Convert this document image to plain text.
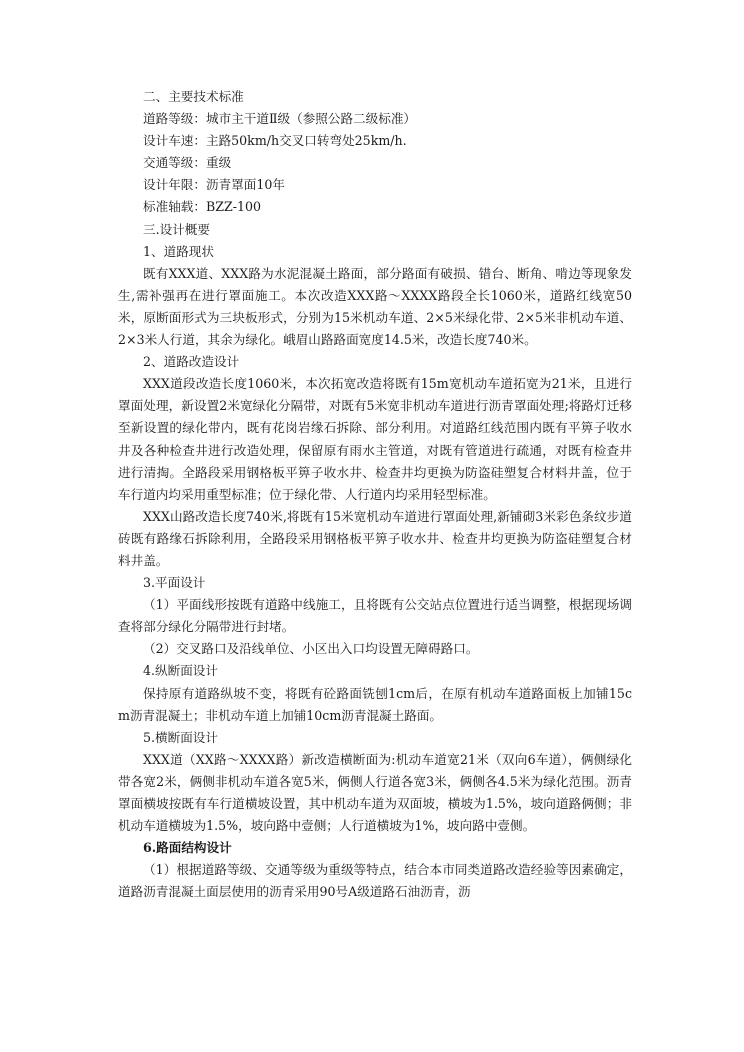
二、主要技术标准
道路等级：城市主干道Ⅱ级（参照公路二级标准）
设计车速：主路50km/h交叉口转弯处25km/h.
交通等级：重级
设计年限：沥青罩面10年
标准轴载：BZZ-100
三.设计概要
1、道路现状

既有XXX道、XXX路为水泥混凝土路面，部分路面有破损、错台、断角、啃边等现象发生,需补强再在进行罩面施工。本次改造XXX路～XXXX路段全长1060米，道路红线宽50米，原断面形式为三块板形式，分别为15米机动车道、2×5米绿化带、2×5米非机动车道、2×3米人行道，其余为绿化。峨眉山路路面宽度14.5米，改造长度740米。

2、道路改造设计

XXX道段改造长度1060米，本次拓宽改造将既有15m宽机动车道拓宽为21米，且进行罩面处理，新设置2米宽绿化分隔带，对既有5米宽非机动车道进行沥青罩面处理;将路灯迁移至新设置的绿化带内，既有花岗岩缘石拆除、部分利用。对道路红线范围内既有平箅子收水井及各种检查井进行改造处理，保留原有雨水主管道，对既有管道进行疏通，对既有检查井进行清掏。全路段采用钢格板平箅子收水井、检查井均更换为防盗硅塑复合材料井盖，位于车行道内均采用重型标准；位于绿化带、人行道内均采用轻型标准。

XXX山路改造长度740米,将既有15米宽机动车道进行罩面处理,新铺砌3米彩色条纹步道砖既有路缘石拆除利用，全路段采用钢格板平箅子收水井、检查井均更换为防盗硅塑复合材料井盖。

3.平面设计

（1）平面线形按既有道路中线施工，且将既有公交站点位置进行适当调整，根据现场调查将部分绿化分隔带进行封堵。

（2）交叉路口及沿线单位、小区出入口均设置无障碍路口。

4.纵断面设计

保持原有道路纵坡不变，将既有砼路面铣刨1cm后，在原有机动车道路面板上加铺15cm沥青混凝土；非机动车道上加铺10cm沥青混凝土路面。

5.横断面设计

XXX道（XX路～XXXX路）新改造横断面为:机动车道宽21米（双向6车道），俩侧绿化带各宽2米，俩侧非机动车道各宽5米，俩侧人行道各宽3米，俩侧各4.5米为绿化范围。沥青罩面横坡按既有车行道横坡设置，其中机动车道为双面坡，横坡为1.5%，坡向道路俩侧；非机动车道横坡为1.5%，坡向路中壹侧；人行道横坡为1%，坡向路中壹侧。

6.路面结构设计

（1）根据道路等级、交通等级为重级等特点，结合本市同类道路改造经验等因素确定，道路沥青混凝土面层使用的沥青采用90号A级道路石油沥青，沥
